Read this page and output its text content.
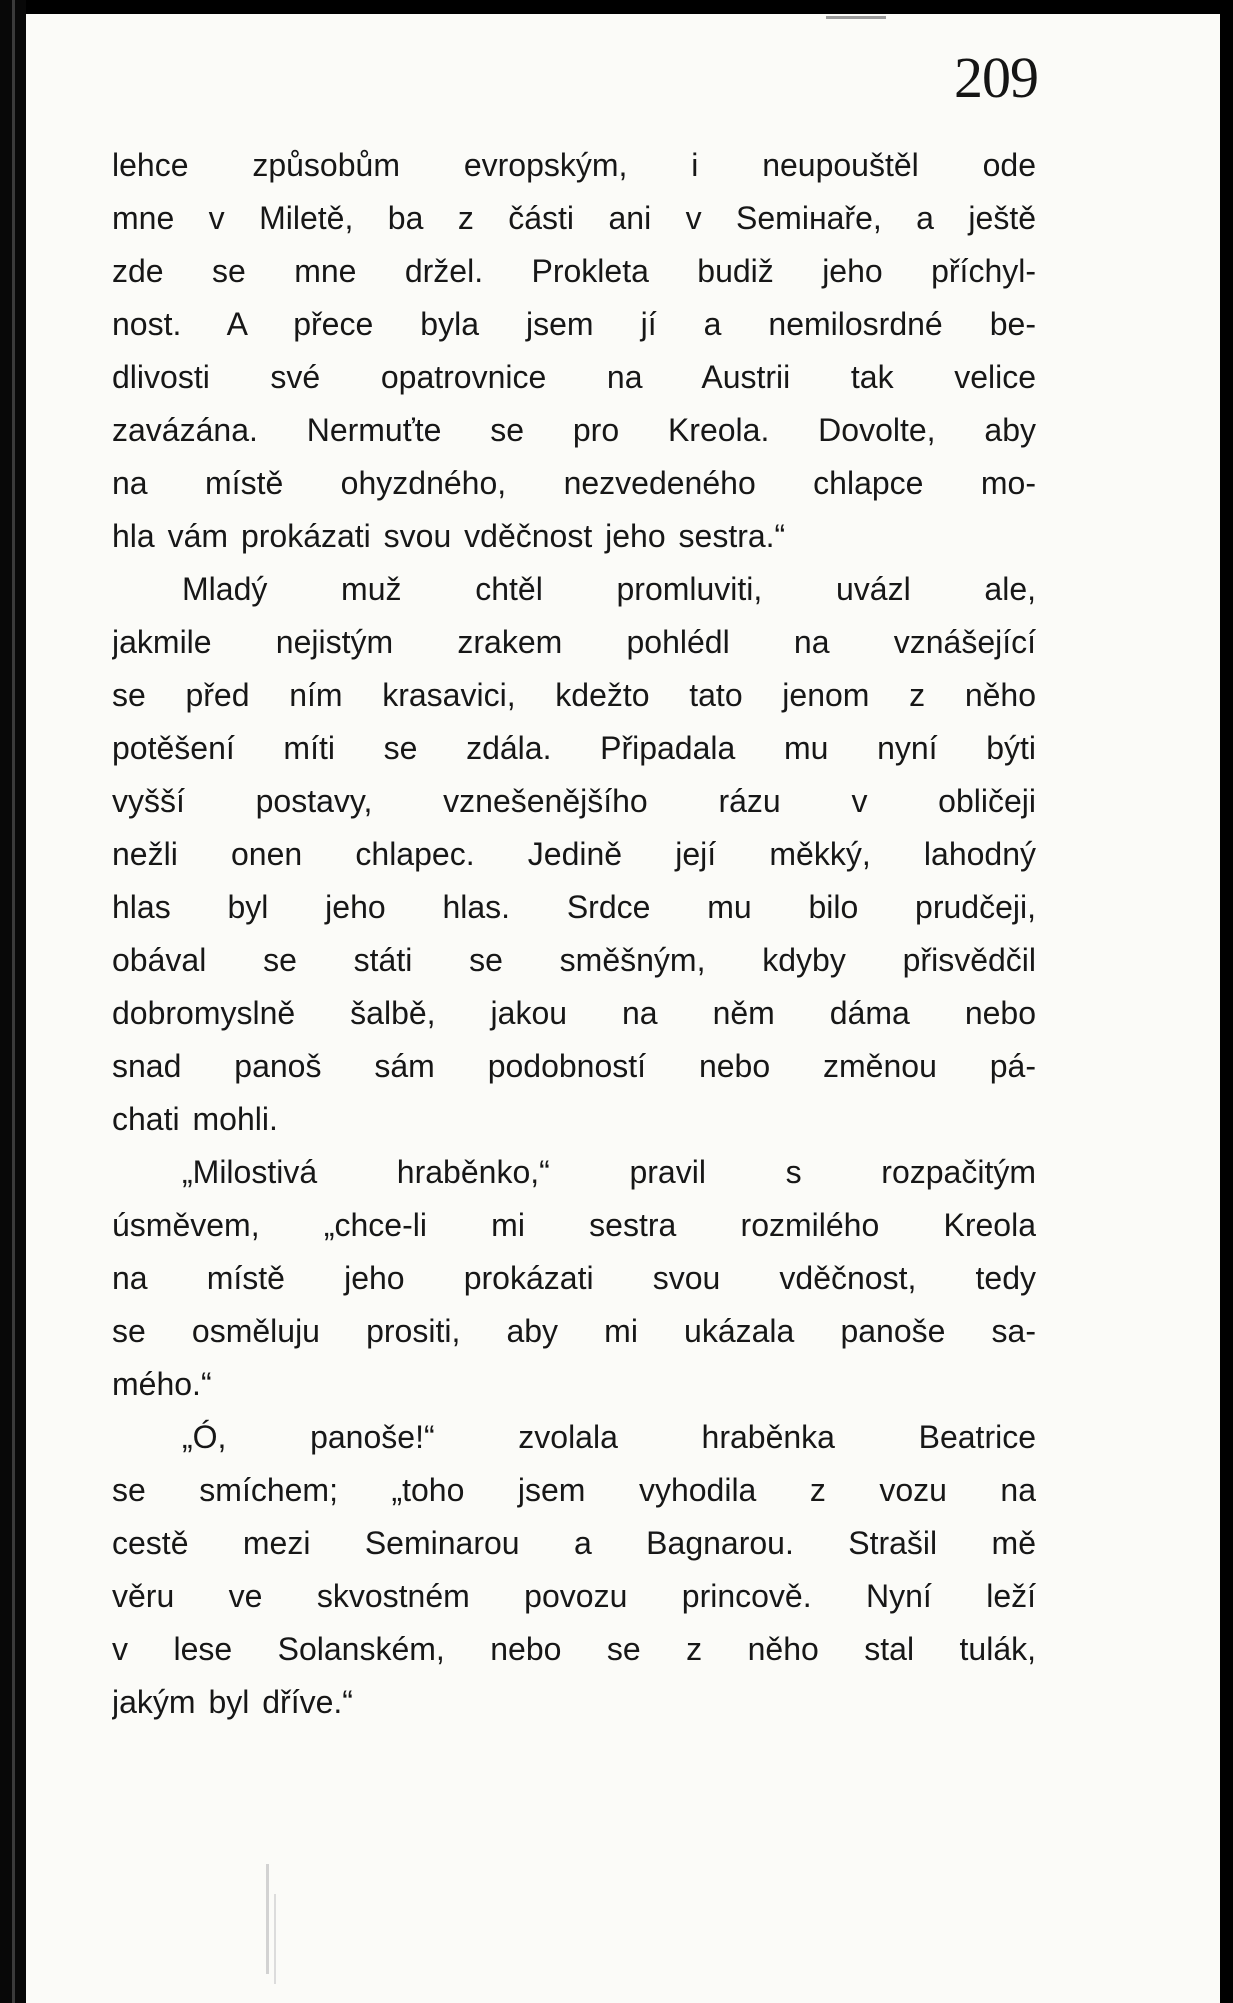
209

lehce způsobům evropským, i neupouštěl ode
mne v Miletě, ba z části ani v Semінaře, a ještě
zde se mne držel. Prokleta budiž jeho příchyl-
nost. A přece byla jsem jí a nemilosrdné be-
dlivosti své opatrovnice na Austrii tak velice
zavázána. Nermuťte se pro Kreola. Dovolte, aby
na místě ohyzdného, nezvedeného chlapce mo-
hla vám prokázati svou vděčnost jeho sestra.“
Mladý muž chtěl promluviti, uvázl ale,
jakmile nejistým zrakem pohlédl na vznášející
se před ním krasavici, kdežto tato jenom z něho
potěšení míti se zdála. Připadala mu nyní býti
vyšší postavy, vznešenějšího rázu v obličeji
nežli onen chlapec. Jedině její měkký, lahodný
hlas byl jeho hlas. Srdce mu bilo prudčeji,
obával se státi se směšným, kdyby přisvědčil
dobromyslně šalbě, jakou na něm dáma nebo
snad panoš sám podobností nebo změnou pá-
chati mohli.
„Milostivá hraběnko,“ pravil s rozpačitým
úsměvem, „chce-li mi sestra rozmilého Kreola
na místě jeho prokázati svou vděčnost, tedy
se osměluju prositi, aby mi ukázala panoše sa-
mého.“
„Ó, panoše!“ zvolala hraběnka Beatrice
se smíchem; „toho jsem vyhodila z vozu na
cestě mezi Seminarou a Bagnarou. Strašil mě
věru ve skvostném povozu princově. Nyní leží
v lese Solanském, nebo se z něho stal tulák,
jakým byl dříve.“
